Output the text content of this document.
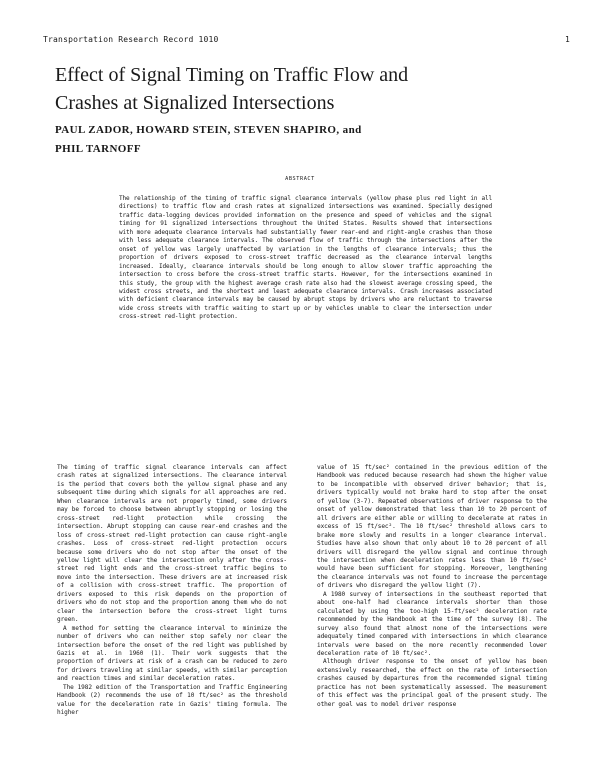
Transportation Research Record 1010	1
Effect of Signal Timing on Traffic Flow and
Crashes at Signalized Intersections
PAUL ZADOR, HOWARD STEIN, STEVEN SHAPIRO, and
PHIL TARNOFF
ABSTRACT

The relationship of the timing of traffic signal clearance intervals (yellow phase plus red light in all directions) to traffic flow and crash rates at signalized intersections was examined. Specially designed traffic data-logging devices provided information on the presence and speed of vehicles and the signal timing for 91 signalized intersections throughout the United States. Results showed that intersections with more adequate clearance intervals had substantially fewer rear-end and right-angle crashes than those with less adequate clearance intervals. The observed flow of traffic through the intersections after the onset of yellow was largely unaffected by variation in the lengths of clearance intervals; thus the proportion of drivers exposed to cross-street traffic decreased as the clearance interval lengths increased. Ideally, clearance intervals should be long enough to allow slower traffic approaching the intersection to cross before the cross-street traffic starts. However, for the intersections examined in this study, the group with the highest average crash rate also had the slowest average crossing speed, the widest cross streets, and the shortest and least adequate clearance intervals. Crash increases associated with deficient clearance intervals may be caused by abrupt stops by drivers who are reluctant to traverse wide cross streets with traffic waiting to start up or by vehicles unable to clear the intersection under cross-street red-light protection.

The timing of traffic signal clearance intervals can affect crash rates at signalized intersections. The clearance interval is the period that covers both the yellow signal phase and any subsequent time during which signals for all approaches are red. When clearance intervals are not properly timed, some drivers may be forced to choose between abruptly stopping or losing the cross-street red-light protection while crossing the intersection. Abrupt stopping can cause rear-end crashes and the loss of cross-street red-light protection can cause right-angle crashes. Loss of cross-street red-light protection occurs because some drivers who do not stop after the onset of the yellow light will clear the intersection only after the cross-street red light ends and the cross-street traffic begins to move into the intersection. These drivers are at increased risk of a collision with cross-street traffic. The proportion of drivers exposed to this risk depends on the proportion of drivers who do not stop and the proportion among them who do not clear the intersection before the cross-street light turns green.

A method for setting the clearance interval to minimize the number of drivers who can neither stop safely nor clear the intersection before the onset of the red light was published by Gazis et al. in 1960 (1). Their work suggests that the proportion of drivers at risk of a crash can be reduced to zero for drivers traveling at similar speeds, with similar perception and reaction times and similar deceleration rates.

The 1982 edition of the Transportation and Traffic Engineering Handbook (2) recommends the use of 10 ft/sec² as the threshold value for the deceleration rate in Gazis' timing formula. The higher

value of 15 ft/sec² contained in the previous edition of the Handbook was reduced because research had shown the higher value to be incompatible with observed driver behavior; that is, drivers typically would not brake hard to stop after the onset of yellow (3-7). Repeated observations of driver response to the onset of yellow demonstrated that less than 10 to 20 percent of all drivers are either able or willing to decelerate at rates in excess of 15 ft/sec². The 10 ft/sec² threshold allows cars to brake more slowly and results in a longer clearance interval. Studies have also shown that only about 10 to 20 percent of all drivers will disregard the yellow signal and continue through the intersection when deceleration rates less than 10 ft/sec² would have been sufficient for stopping. Moreover, lengthening the clearance intervals was not found to increase the percentage of drivers who disregard the yellow light (7).

A 1980 survey of intersections in the southeast reported that about one-half had clearance intervals shorter than those calculated by using the too-high 15-ft/sec² deceleration rate recommended by the Handbook at the time of the survey (8). The survey also found that almost none of the intersections were adequately timed compared with intersections in which clearance intervals were based on the more recently recommended lower deceleration rate of 10 ft/sec².

Although driver response to the onset of yellow has been extensively researched, the effect on the rate of intersection crashes caused by departures from the recommended signal timing practice has not been systematically assessed. The measurement of this effect was the principal goal of the present study. The other goal was to model driver response
